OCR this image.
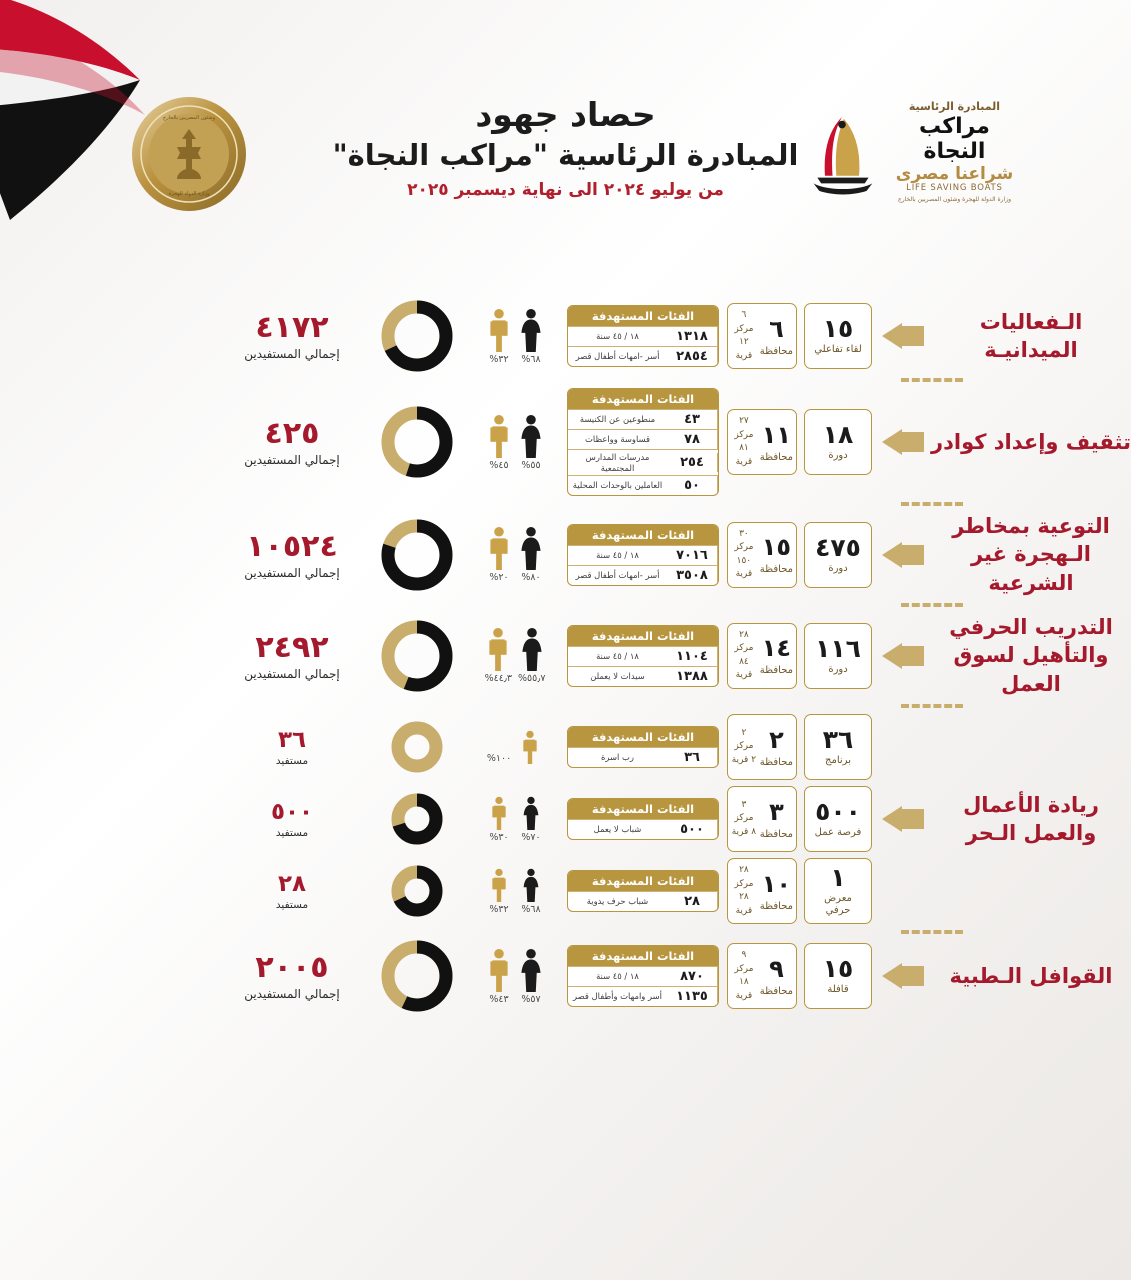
وزارة الدولة للهجرة
وشئون المصريين بالخارج	حصاد جهود
المبادرة الرئاسية "مراكب النجاة"
من يوليو ٢٠٢٤ الى نهاية ديسمبر ٢٠٢٥
المبادرة الرئاسية
مراكب النجاة
شراعنا مصرى
LIFE SAVING BOATS
وزارة الدولة للهجرة وشئون المصريين بالخارج
الـفعاليات الميدانيـة
١٥
لقاء تفاعلي
٦
محافظة
٦ مركز
١٢ قرية
الفئات المستهدفة
١٣١٨
١٨ / ٤٥ سنة
٢٨٥٤
أسر -امهات أطفال قصر
٦٨%
٣٢%
٤١٧٢
إجمالي المستفيدين
تثقيف وإعداد كوادر
١٨
دورة
١١
محافظة
٢٧ مركز
٨١ قرية
الفئات المستهدفة
٤٣
منطوعين عن الكنيسة
٧٨
قساوسة وواعظات
٢٥٤
مدرسات المدارس المجتمعية
٥٠
العاملين بالوحدات المحلية
٥٥%
٤٥%
٤٢٥
إجمالي المستفيدين
التوعية بمخاطر الـهجرة غير الشرعية
٤٧٥
دورة
١٥
محافظة
٣٠ مركز
١٥٠ قرية
الفئات المستهدفة
٧٠١٦
١٨ / ٤٥ سنة
٣٥٠٨
أسر -امهات أطفال قصر
٨٠%
٢٠%
١٠٥٢٤
إجمالي المستفيدين
التدريب الحرفي والتأهيل لسوق العمل
١١٦
دورة
١٤
محافظة
٢٨ مركز
٨٤ قرية
الفئات المستهدفة
١١٠٤
١٨ / ٤٥ سنة
١٣٨٨
سيدات لا يعملن
٥٥٫٧%
٤٤٫٣%
٢٤٩٢
إجمالي المستفيدين
ريادة الأعمال والعمل الـحر
٣٦
برنامج
٢
محافظة
٢ مركز
٢ قرية
الفئات المستهدفة
٣٦
رب اسرة
١٠٠%
٣٦
مستفيد
٥٠٠
فرصة عمل
٣
محافظة
٣ مركز
٨ قرية
الفئات المستهدفة
٥٠٠
شباب لا يعمل
٧٠%
٣٠%
٥٠٠
مستفيد
١
معرض حرفي
١٠
محافظة
٢٨ مركز
٢٨ قرية
الفئات المستهدفة
٢٨
شباب حرف يدوية
٦٨%
٣٢%
٢٨
مستفيد
القوافل الـطبية
١٥
قافلة
٩
محافظة
٩ مركز
١٨ قرية
الفئات المستهدفة
٨٧٠
١٨ / ٤٥ سنة
١١٣٥
أسر وامهات وأطفال قصر
٥٧%
٤٣%
٢٠٠٥
إجمالي المستفيدين
